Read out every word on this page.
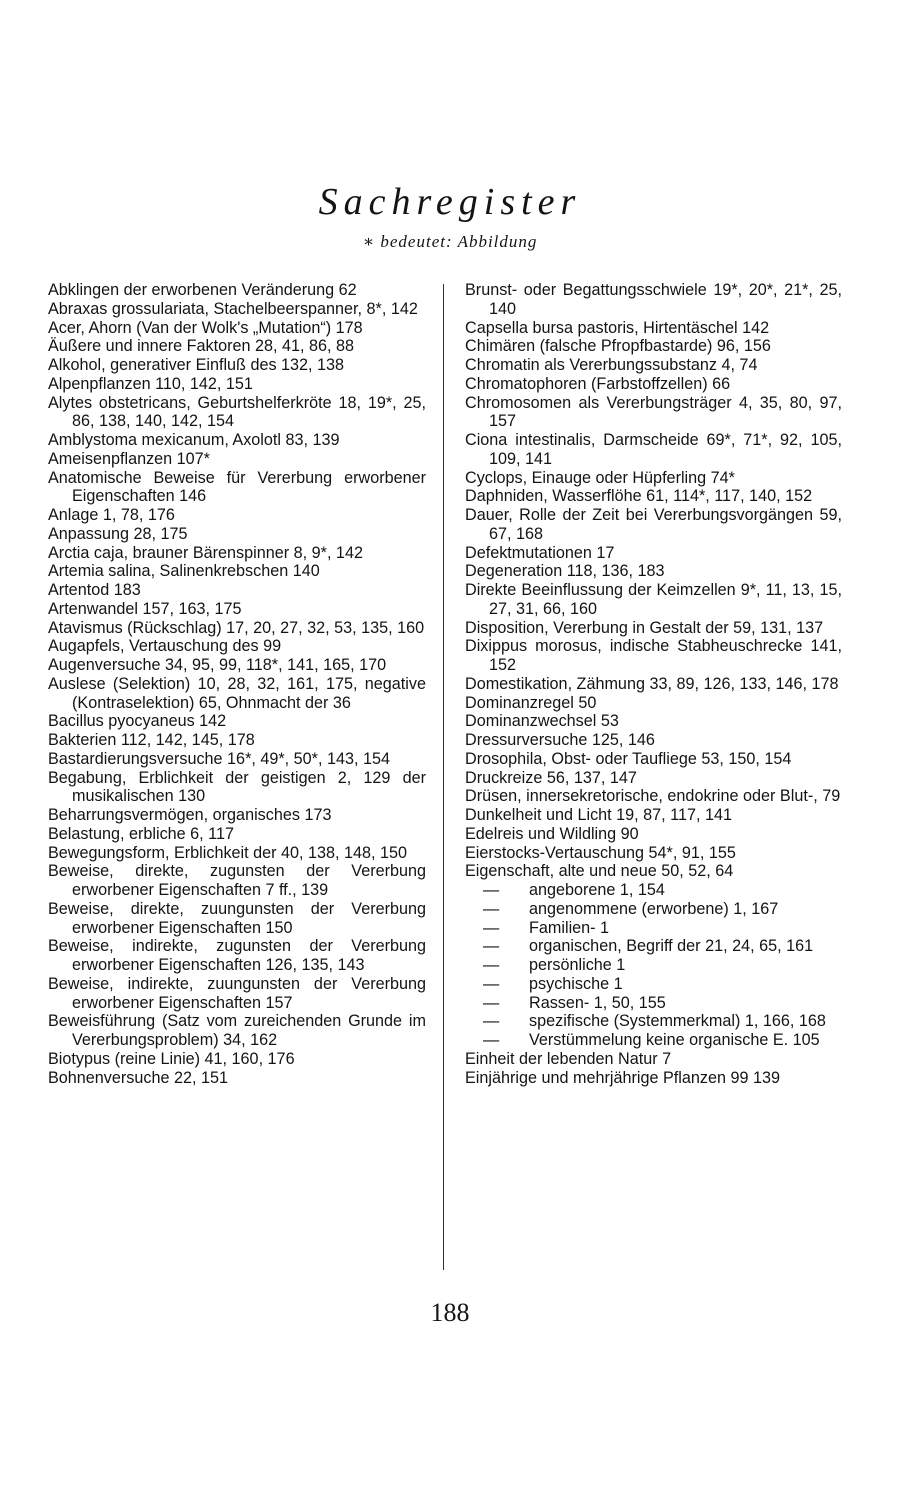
Sachregister
∗ bedeutet: Abbildung

Abklingen der erworbenen Veränderung 62

Abraxas grossulariata, Stachelbeerspanner, 8*, 142

Acer, Ahorn (Van der Wolk's „Mutation“) 178

Äußere und innere Faktoren 28, 41, 86, 88

Alkohol, generativer Einfluß des 132, 138

Alpenpflanzen 110, 142, 151

Alytes obstetricans, Geburtshelferkröte 18, 19*, 25, 86, 138, 140, 142, 154

Amblystoma mexicanum, Axolotl 83, 139

Ameisenpflanzen 107*

Anatomische Beweise für Vererbung erworbener Eigenschaften 146

Anlage 1, 78, 176

Anpassung 28, 175

Arctia caja, brauner Bärenspinner 8, 9*, 142

Artemia salina, Salinenkrebschen 140

Artentod 183

Artenwandel 157, 163, 175

Atavismus (Rückschlag) 17, 20, 27, 32, 53, 135, 160

Augapfels, Vertauschung des 99

Augenversuche 34, 95, 99, 118*, 141, 165, 170

Auslese (Selektion) 10, 28, 32, 161, 175, negative (Kontraselektion) 65, Ohnmacht der 36

Bacillus pyocyaneus 142

Bakterien 112, 142, 145, 178

Bastardierungsversuche 16*, 49*, 50*, 143, 154

Begabung, Erblichkeit der geistigen 2, 129 der musikalischen 130

Beharrungsvermögen, organisches 173

Belastung, erbliche 6, 117

Bewegungsform, Erblichkeit der 40, 138, 148, 150

Beweise, direkte, zugunsten der Vererbung erworbener Eigenschaften 7 ff., 139

Beweise, direkte, zuungunsten der Vererbung erworbener Eigenschaften 150

Beweise, indirekte, zugunsten der Vererbung erworbener Eigenschaften 126, 135, 143

Beweise, indirekte, zuungunsten der Vererbung erworbener Eigenschaften 157

Beweisführung (Satz vom zureichenden Grunde im Vererbungsproblem) 34, 162

Biotypus (reine Linie) 41, 160, 176

Bohnenversuche 22, 151

Brunst- oder Begattungsschwiele 19*, 20*, 21*, 25, 140

Capsella bursa pastoris, Hirtentäschel 142

Chimären (falsche Pfropfbastarde) 96, 156

Chromatin als Vererbungssubstanz 4, 74

Chromatophoren (Farbstoffzellen) 66

Chromosomen als Vererbungsträger 4, 35, 80, 97, 157

Ciona intestinalis, Darmscheide 69*, 71*, 92, 105, 109, 141

Cyclops, Einauge oder Hüpferling 74*

Daphniden, Wasserflöhe 61, 114*, 117, 140, 152

Dauer, Rolle der Zeit bei Vererbungsvorgängen 59, 67, 168

Defektmutationen 17

Degeneration 118, 136, 183

Direkte Beeinflussung der Keimzellen 9*, 11, 13, 15, 27, 31, 66, 160

Disposition, Vererbung in Gestalt der 59, 131, 137

Dixippus morosus, indische Stabheuschrecke 141, 152

Domestikation, Zähmung 33, 89, 126, 133, 146, 178

Dominanzregel 50

Dominanzwechsel 53

Dressurversuche 125, 146

Drosophila, Obst- oder Taufliege 53, 150, 154

Druckreize 56, 137, 147

Drüsen, innersekretorische, endokrine oder Blut-, 79

Dunkelheit und Licht 19, 87, 117, 141

Edelreis und Wildling 90

Eierstocks-Vertauschung 54*, 91, 155

Eigenschaft, alte und neue 50, 52, 64

—	angeborene 1, 154
—	angenommene (erworbene) 1, 167
—	Familien- 1
—	organischen, Begriff der 21, 24, 65, 161
—	persönliche 1
—	psychische 1
—	Rassen- 1, 50, 155
—	spezifische (Systemmerkmal) 1, 166, 168
—	Verstümmelung keine organische E. 105

Einheit der lebenden Natur 7

Einjährige und mehrjährige Pflanzen 99 139

188
